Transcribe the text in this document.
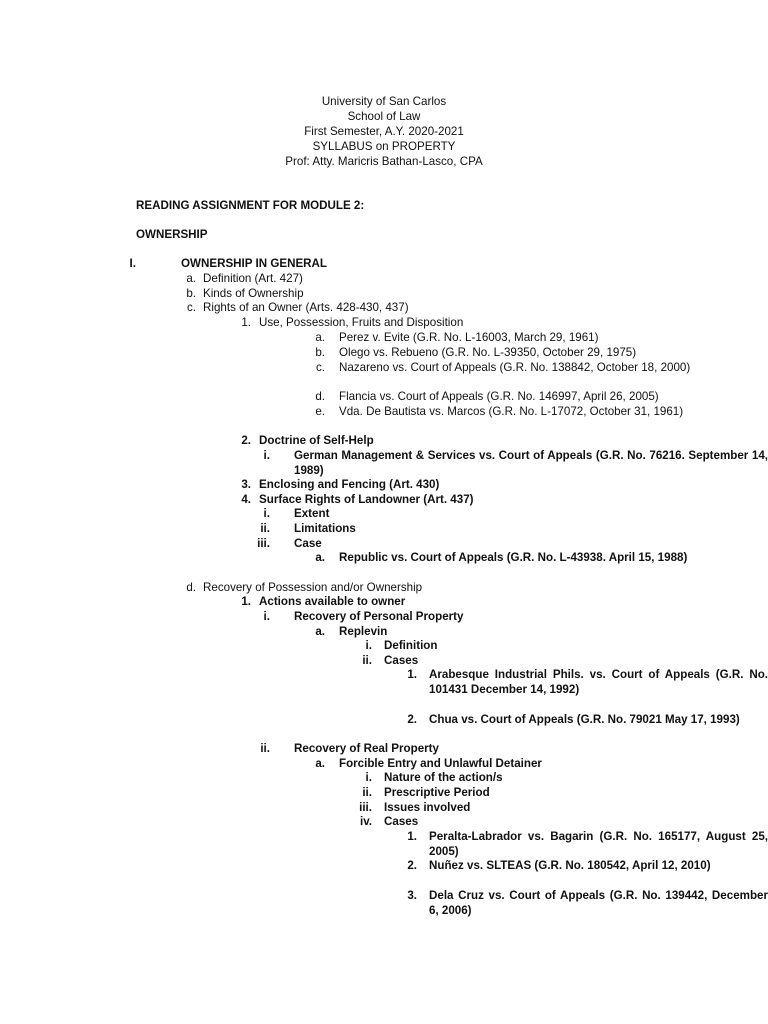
University of San Carlos
School of Law
First Semester, A.Y. 2020-2021
SYLLABUS on PROPERTY
Prof: Atty. Maricris Bathan-Lasco, CPA
READING ASSIGNMENT FOR MODULE 2:
OWNERSHIP
I.	OWNERSHIP IN GENERAL
a. Definition (Art. 427)
b. Kinds of Ownership
c. Rights of an Owner (Arts. 428-430, 437)
1. Use, Possession, Fruits and Disposition
a. Perez v. Evite (G.R. No. L-16003, March 29, 1961)
b. Olego vs. Rebueno (G.R. No. L-39350, October 29, 1975)
c. Nazareno vs. Court of Appeals (G.R. No. 138842, October 18, 2000)
d. Flancia vs. Court of Appeals (G.R. No. 146997, April 26, 2005)
e. Vda. De Bautista vs. Marcos (G.R. No. L-17072, October 31, 1961)
2. Doctrine of Self-Help
i. German Management & Services vs. Court of Appeals (G.R. No. 76216. September 14, 1989)
3. Enclosing and Fencing (Art. 430)
4. Surface Rights of Landowner (Art. 437)
i. Extent
ii. Limitations
iii. Case
a. Republic vs. Court of Appeals (G.R. No. L-43938. April 15, 1988)
d. Recovery of Possession and/or Ownership
1. Actions available to owner
i. Recovery of Personal Property
a. Replevin
i. Definition
ii. Cases
1. Arabesque Industrial Phils. vs. Court of Appeals (G.R. No. 101431 December 14, 1992)
2. Chua vs. Court of Appeals (G.R. No. 79021 May 17, 1993)
ii. Recovery of Real Property
a. Forcible Entry and Unlawful Detainer
i. Nature of the action/s
ii. Prescriptive Period
iii. Issues involved
iv. Cases
1. Peralta-Labrador vs. Bagarin (G.R. No. 165177, August 25, 2005)
2. Nuñez vs. SLTEAS (G.R. No. 180542, April 12, 2010)
3. Dela Cruz vs. Court of Appeals (G.R. No. 139442, December 6, 2006)
